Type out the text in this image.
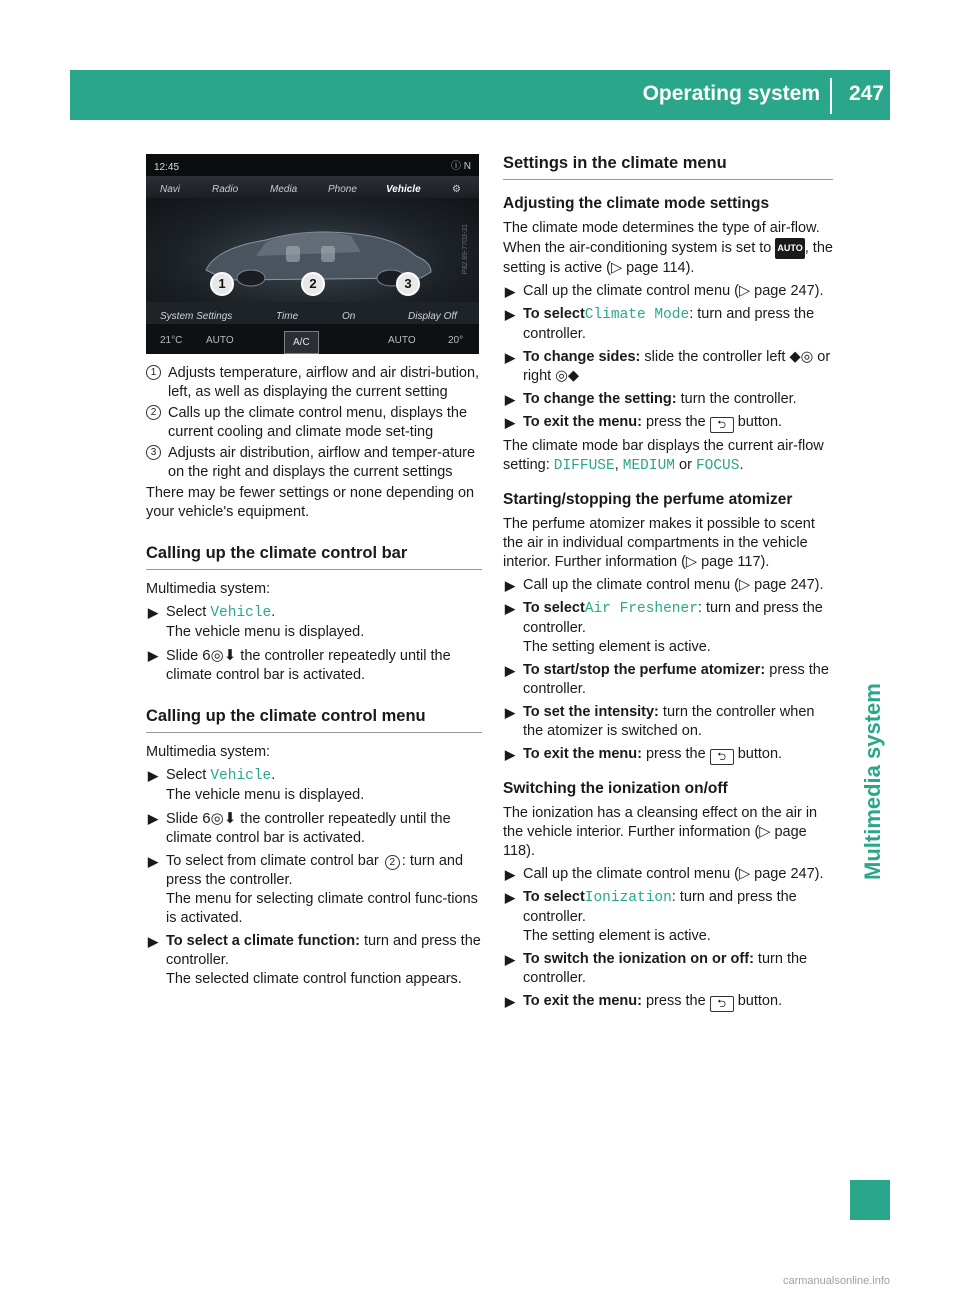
Operating system 247
Multimedia system
12:45	ⓘ N
Navi	Radio	Media	Phone	Vehicle	⚙
1	2	3
System Settings	Time	On	Display Off
21°C AUTO	A/C	AUTO	20°
P82.89-7703-31
1 Adjusts temperature, airflow and air distri-bution, left, as well as displaying the current setting
2 Calls up the climate control menu, displays the current cooling and climate mode set-ting
3 Adjusts air distribution, airflow and temper-ature on the right and displays the current settings

There may be fewer settings or none depending on your vehicle's equipment.

Calling up the climate control bar

Multimedia system:

▶ Select Vehicle.
The vehicle menu is displayed.
▶ Slide 6◎⬇ the controller repeatedly until the climate control bar is activated.
Calling up the climate control menu

Multimedia system:

▶ Select Vehicle.
The vehicle menu is displayed.
▶ Slide 6◎⬇ the controller repeatedly until the climate control bar is activated.
▶ To select from climate control bar 2 : turn and press the controller.
The menu for selecting climate control func-tions is activated.
▶ To select a climate function: turn and press the controller.
The selected climate control function appears.
Settings in the climate menu
Adjusting the climate mode settings

The climate mode determines the type of air-flow. When the air-conditioning system is set to AUTO , the setting is active (▷ page 114).

▶ Call up the climate control menu (▷ page 247).
▶ To selectClimate Mode: turn and press the controller.
▶ To change sides: slide the controller left ◆◎ or right ◎◆
▶ To change the setting: turn the controller.
▶ To exit the menu: press the ⮌ button.

The climate mode bar displays the current air-flow setting: DIFFUSE, MEDIUM or FOCUS.

Starting/stopping the perfume atomizer

The perfume atomizer makes it possible to scent the air in individual compartments in the vehicle interior. Further information (▷ page 117).

▶ Call up the climate control menu (▷ page 247).
▶ To selectAir Freshener: turn and press the controller.
The setting element is active.
▶ To start/stop the perfume atomizer: press the controller.
▶ To set the intensity: turn the controller when the atomizer is switched on.
▶ To exit the menu: press the ⮌ button.
Switching the ionization on/off

The ionization has a cleansing effect on the air in the vehicle interior. Further information (▷ page 118).

▶ Call up the climate control menu (▷ page 247).
▶ To selectIonization: turn and press the controller.
The setting element is active.
▶ To switch the ionization on or off: turn the controller.
▶ To exit the menu: press the ⮌ button.
carmanualsonline.info
